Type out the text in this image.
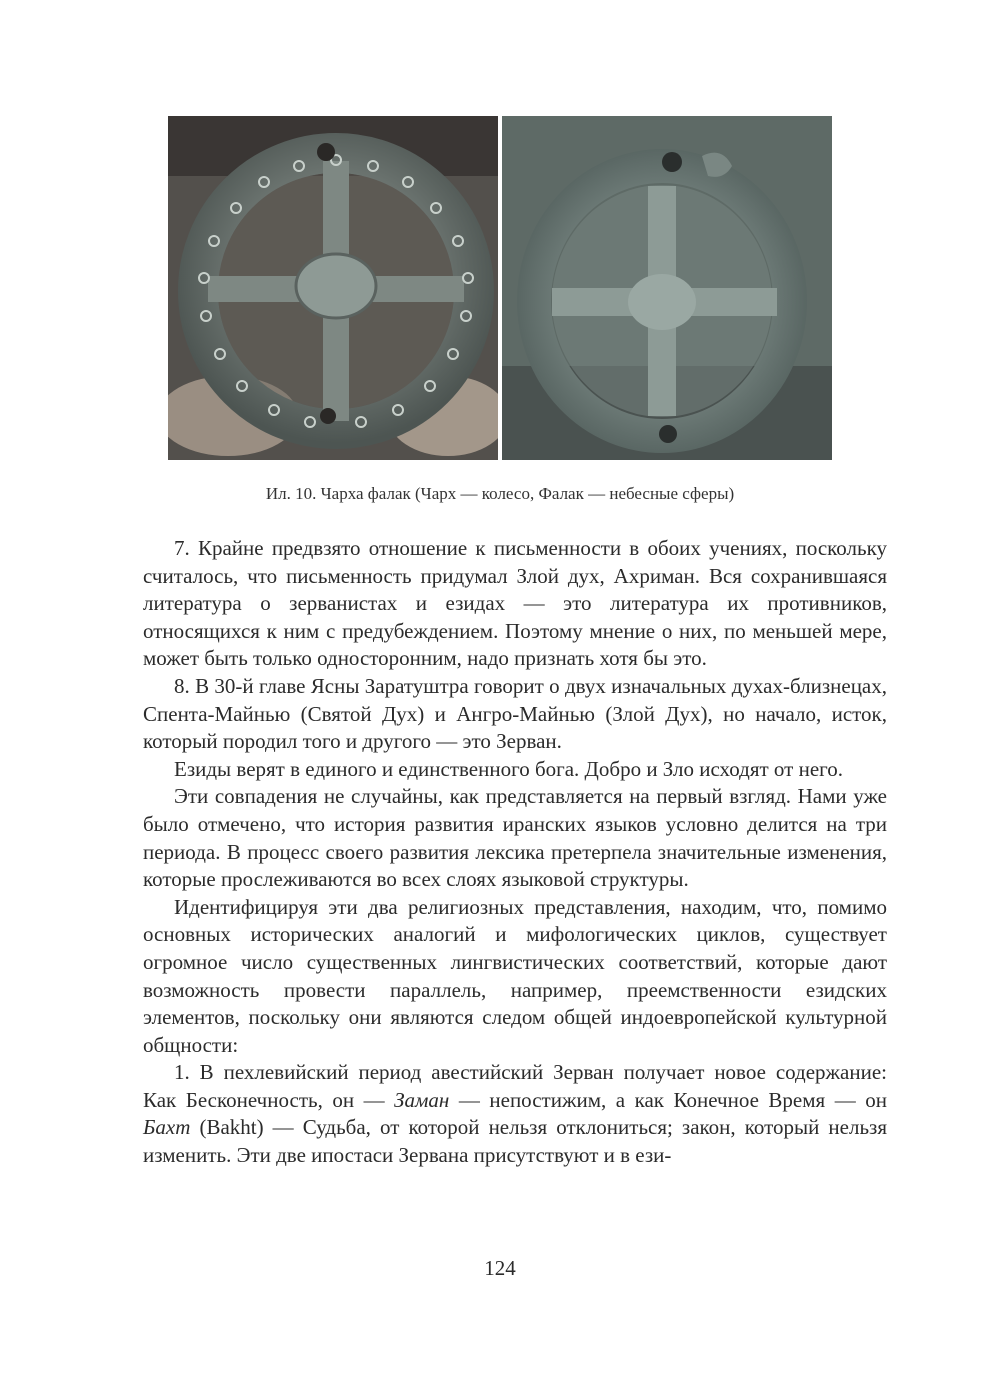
Ил. 10. Чарха фалак (Чарх — колесо, Фалак — небесные сферы)

7. Крайне предвзято отношение к письменности в обоих учениях, поскольку считалось, что письменность придумал Злой дух, Ахриман. Вся сохранившаяся литература о зерванистах и езидах — это литература их противников, относящихся к ним с предубеждением. Поэтому мнение о них, по меньшей мере, может быть только односторонним, надо признать хотя бы это.

8. В 30-й главе Ясны Заратуштра говорит о двух изначальных духах-близнецах, Спента-Майнью (Святой Дух) и Ангро-Майнью (Злой Дух), но начало, исток, который породил того и другого — это Зерван.

Езиды верят в единого и единственного бога. Добро и Зло исходят от него.

Эти совпадения не случайны, как представляется на первый взгляд. Нами уже было отмечено, что история развития иранских языков условно делится на три периода. В процесс своего развития лексика претерпела значительные изменения, которые прослеживаются во всех слоях языковой структуры.

Идентифицируя эти два религиозных представления, находим, что, помимо основных исторических аналогий и мифологических циклов, существует огромное число существенных лингвистических соответствий, которые дают возможность провести параллель, например, преемственности езидских элементов, поскольку они являются следом общей индоевропейской культурной общности:

1. В пехлевийский период авестийский Зерван получает новое содержание: Как Бесконечность, он — Заман — непостижим, а как Конечное Время — он Бахт (Bakht) — Судьба, от которой нельзя отклониться; закон, который нельзя изменить. Эти две ипостаси Зервана присутствуют и в ези-

124
